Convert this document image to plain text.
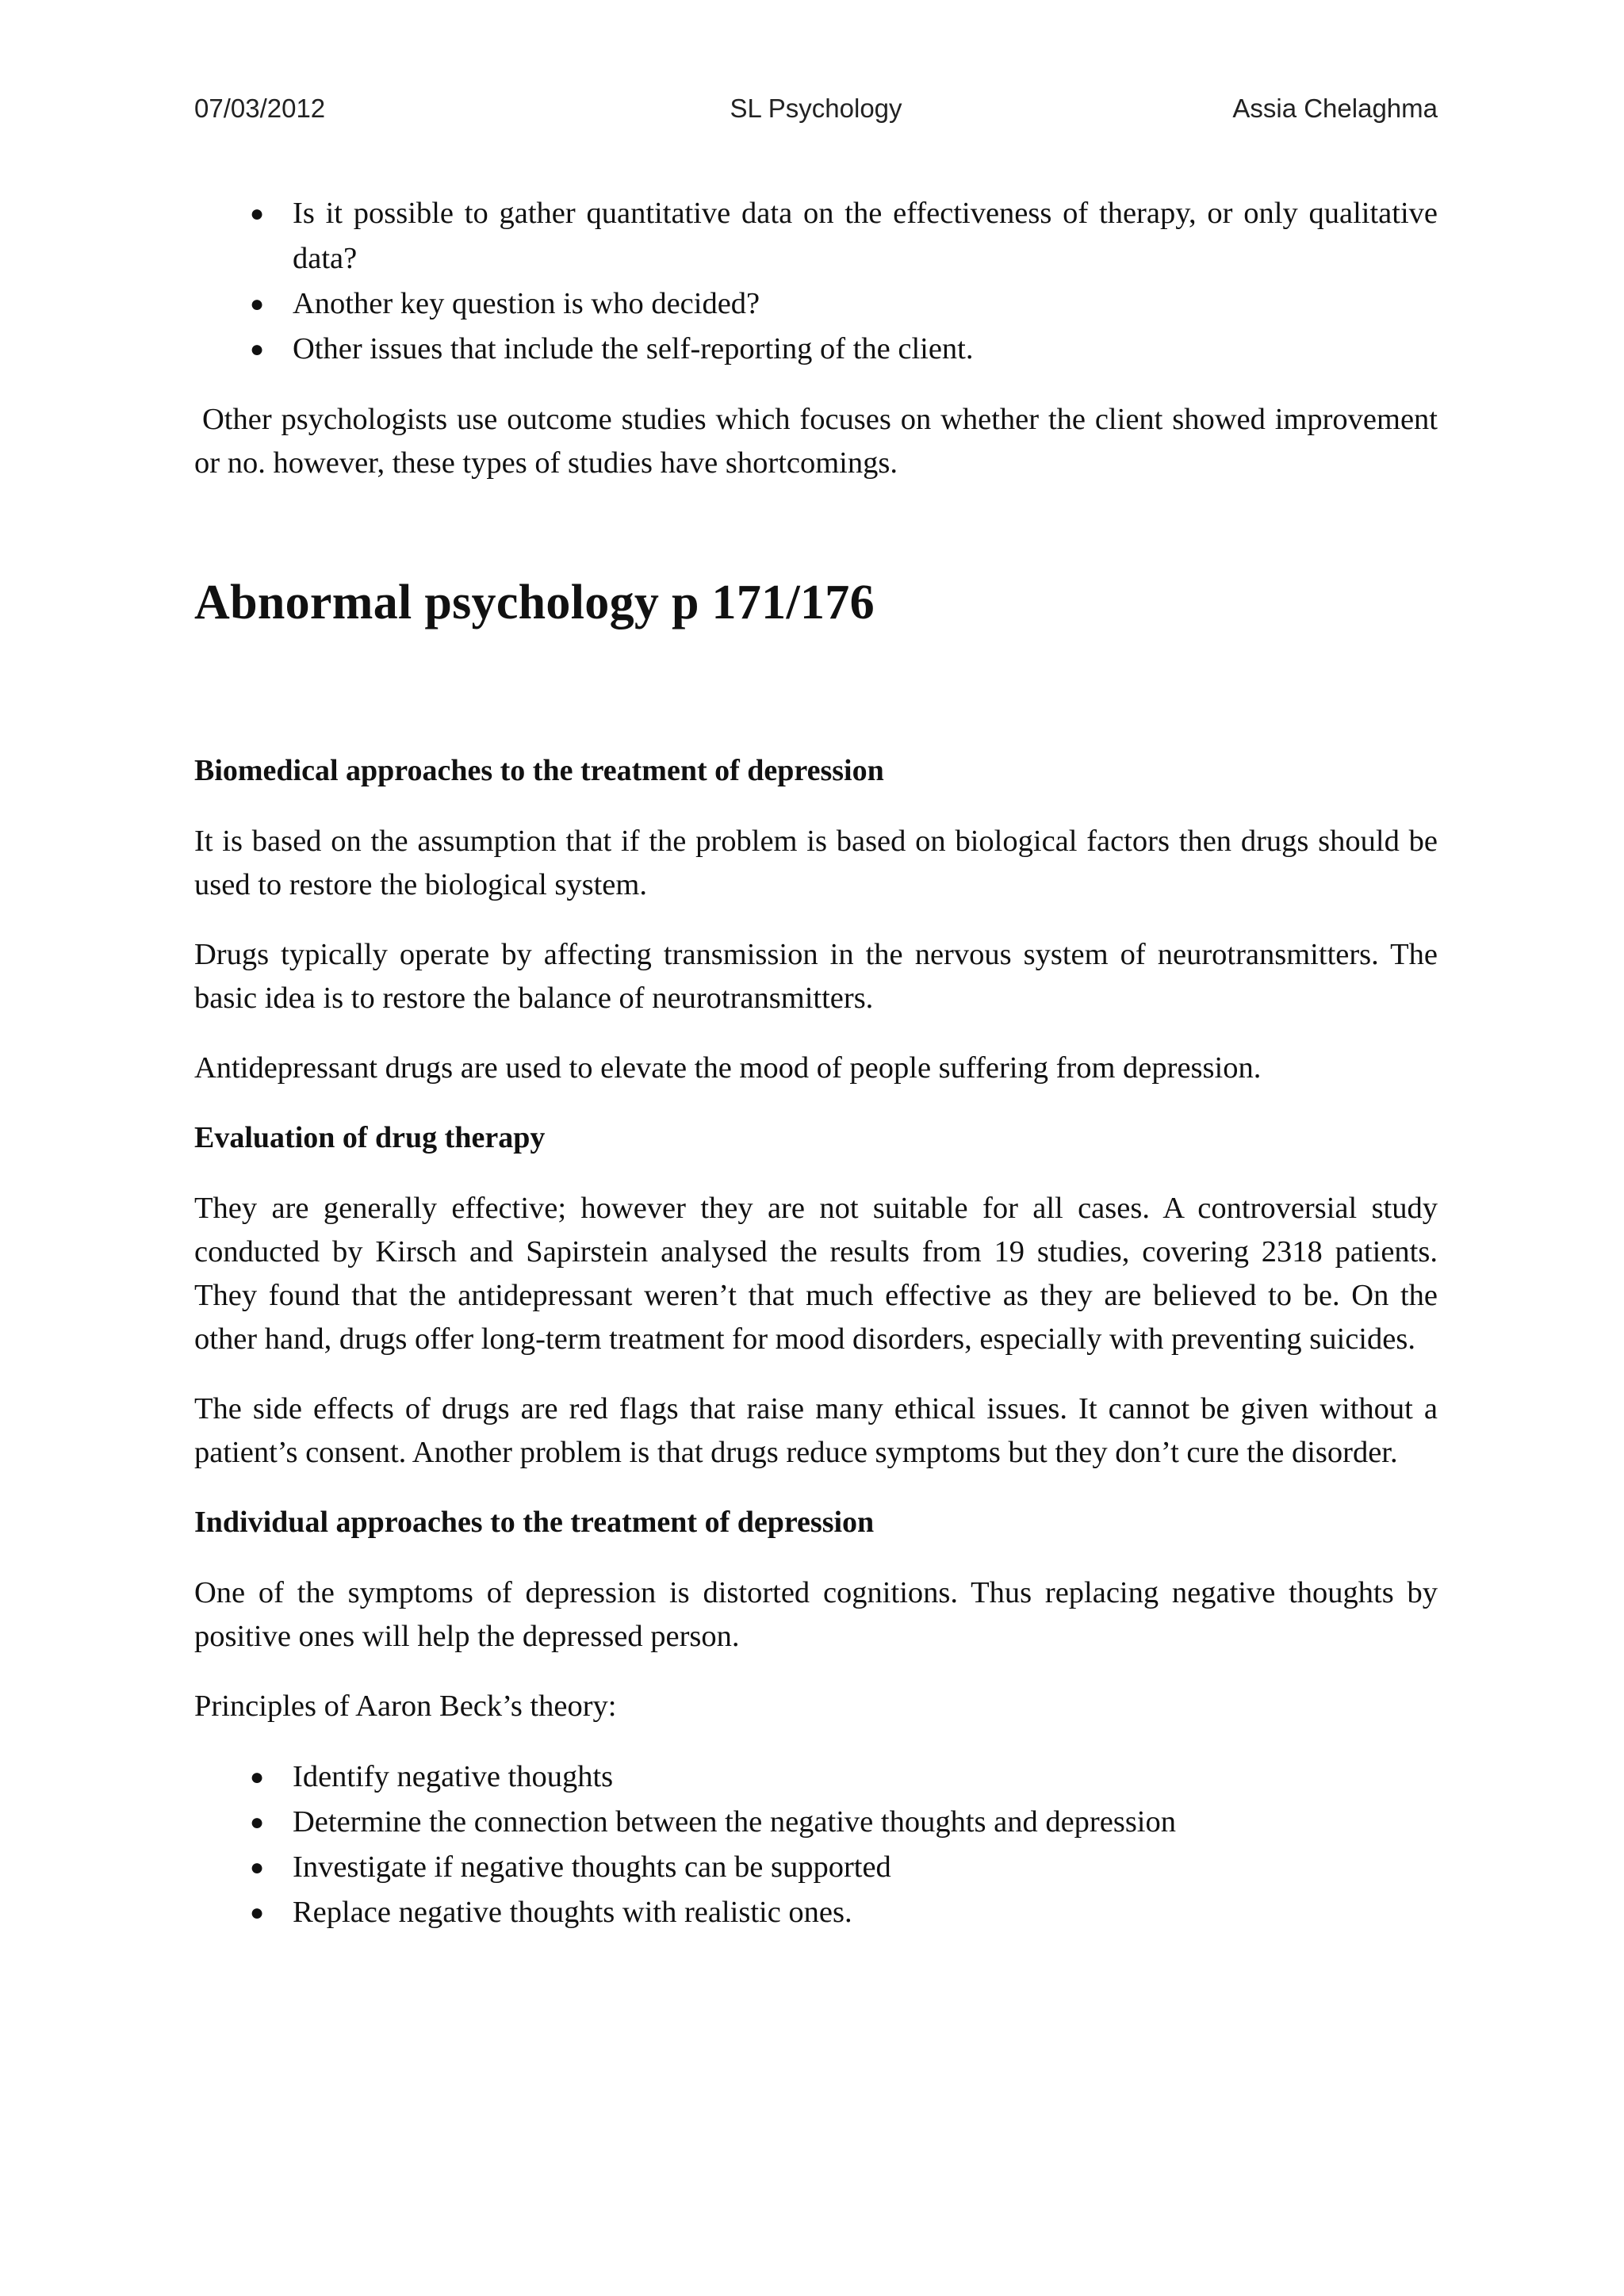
07/03/2012	SL Psychology	Assia Chelaghma
● Is it possible to gather quantitative data on the effectiveness of therapy, or only qualitative data?
● Another key question is who decided?
● Other issues that include the self-reporting of the client.

Other psychologists use outcome studies which focuses on whether the client showed improvement or no. however, these types of studies have shortcomings.

Abnormal psychology p 171/176
Biomedical approaches to the treatment of depression

It is based on the assumption that if the problem is based on biological factors then drugs should be used to restore the biological system.

Drugs typically operate by affecting transmission in the nervous system of neurotransmitters. The basic idea is to restore the balance of neurotransmitters.

Antidepressant drugs are used to elevate the mood of people suffering from depression.

Evaluation of drug therapy

They are generally effective; however they are not suitable for all cases. A controversial study conducted by Kirsch and Sapirstein analysed the results from 19 studies, covering 2318 patients. They found that the antidepressant weren’t that much effective as they are believed to be. On the other hand, drugs offer long-term treatment for mood disorders, especially with preventing suicides.

The side effects of drugs are red flags that raise many ethical issues. It cannot be given without a patient’s consent. Another problem is that drugs reduce symptoms but they don’t cure the disorder.

Individual approaches to the treatment of depression

One of the symptoms of depression is distorted cognitions. Thus replacing negative thoughts by positive ones will help the depressed person.

Principles of Aaron Beck’s theory:

● Identify negative thoughts
● Determine the connection between the negative thoughts and depression
● Investigate if negative thoughts can be supported
● Replace negative thoughts with realistic ones.
